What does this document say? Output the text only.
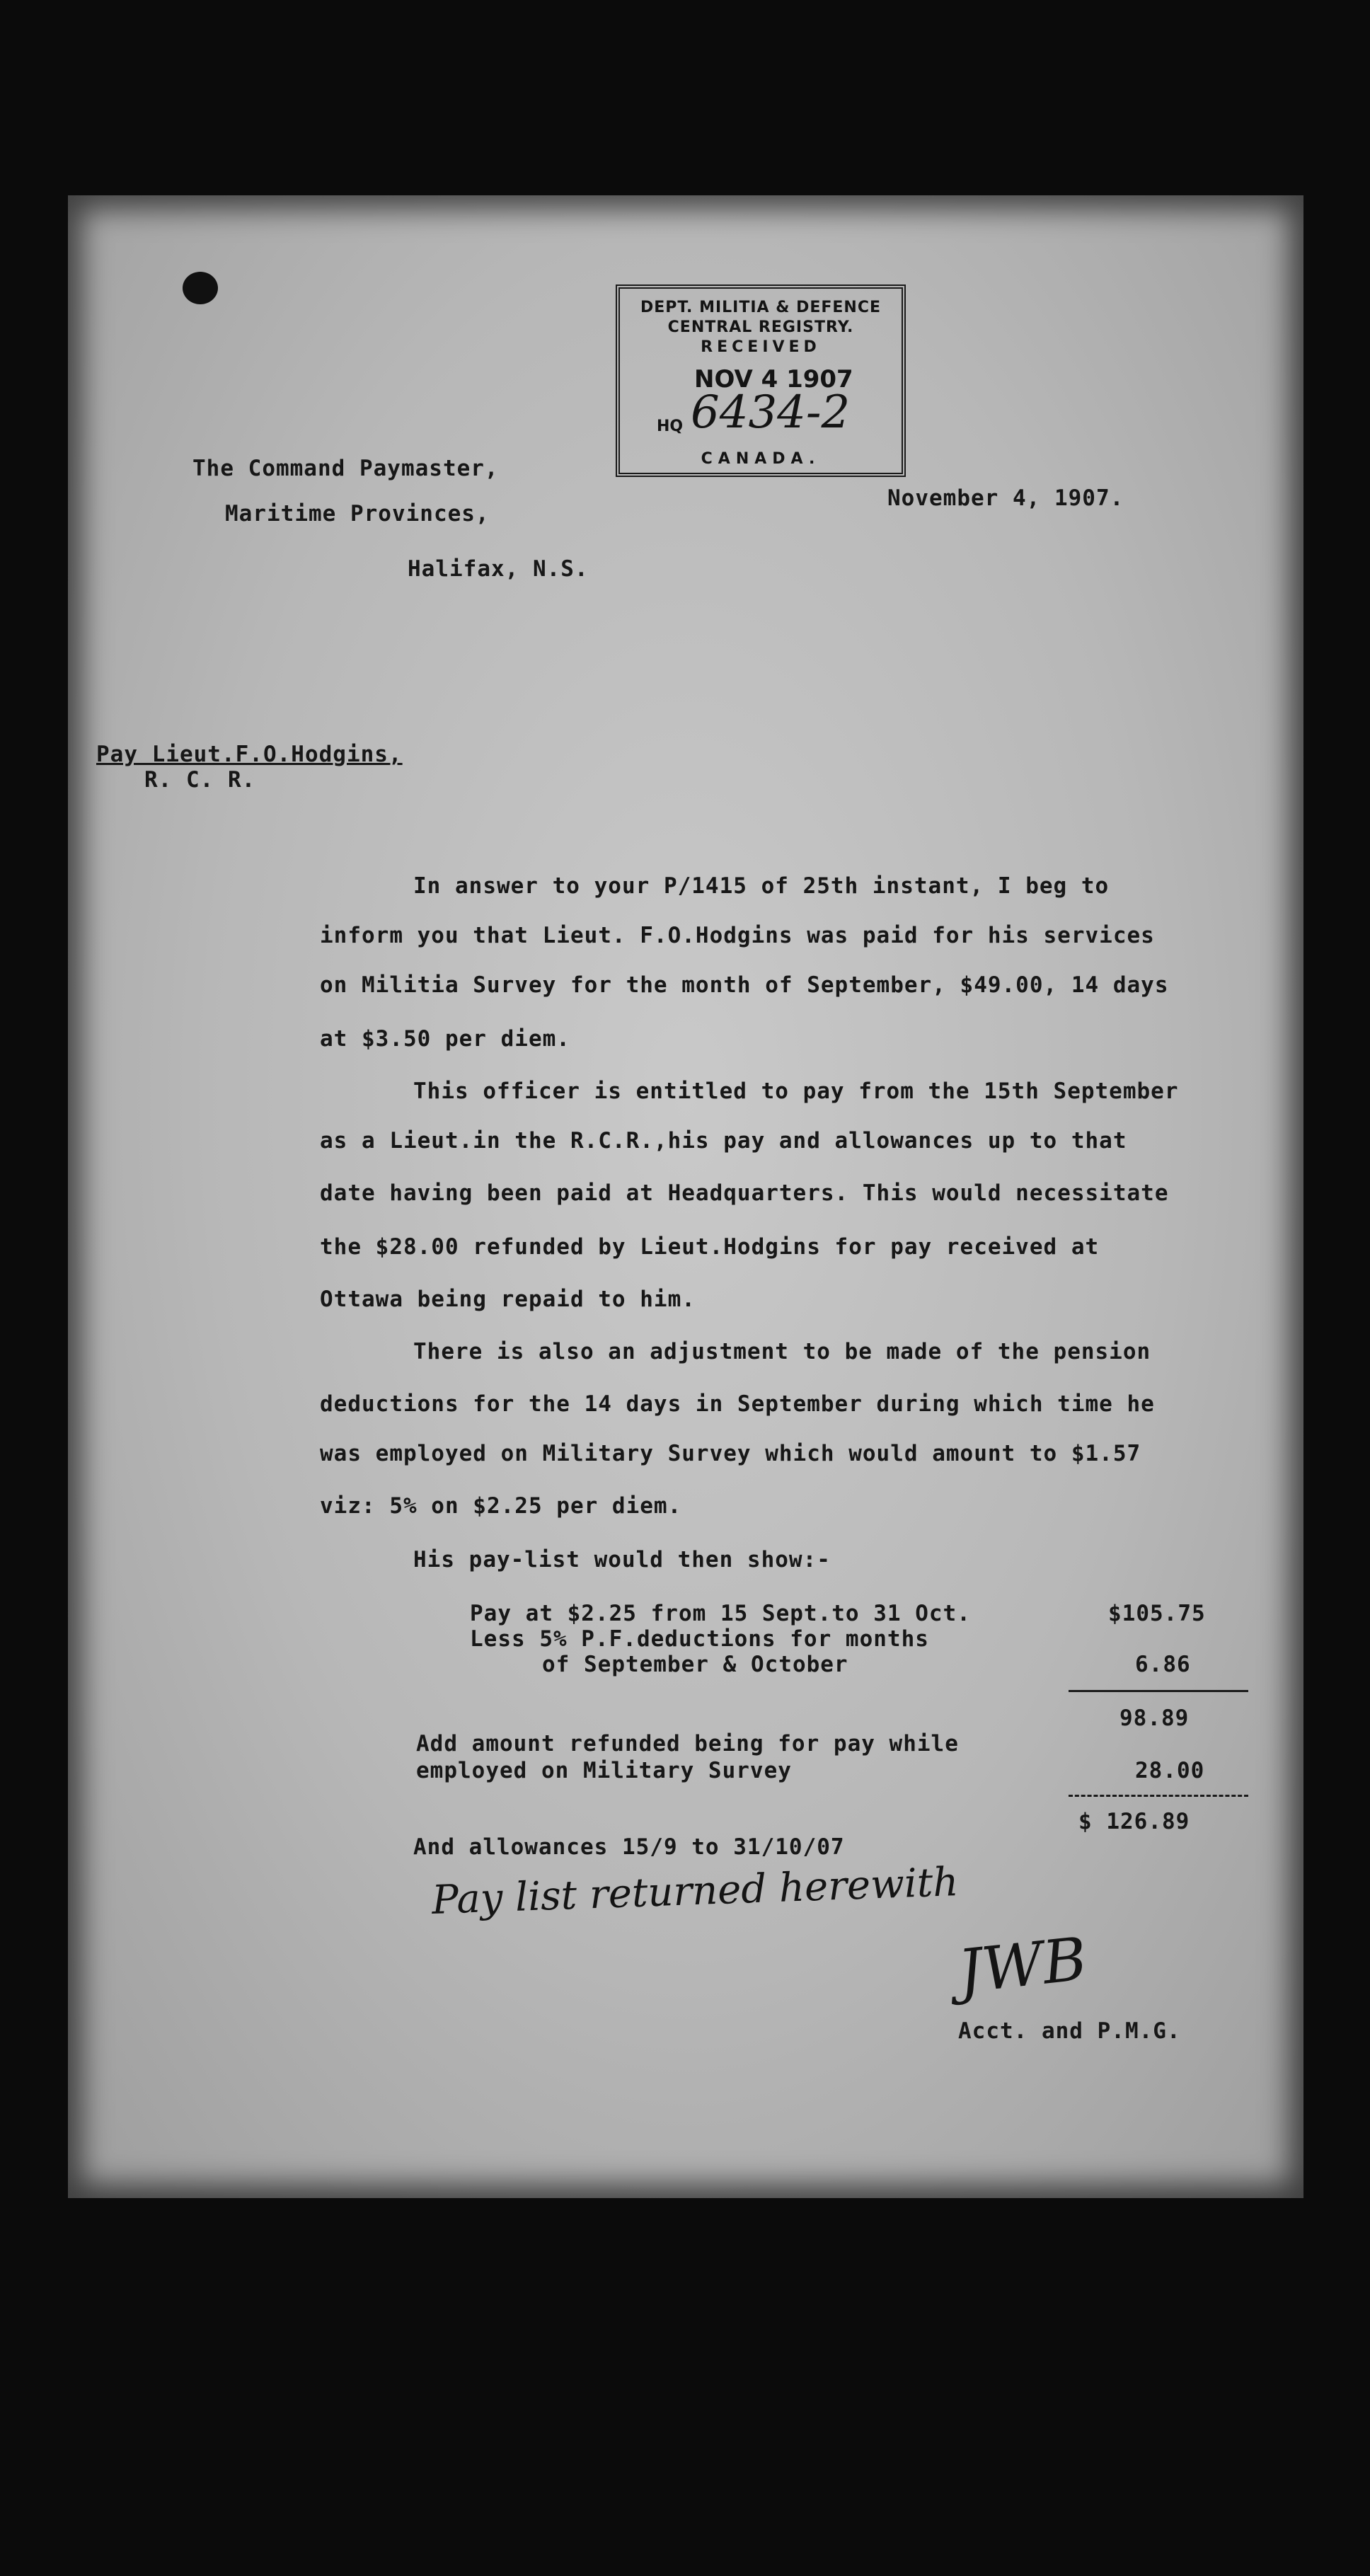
DEPT. MILITIA & DEFENCE
CENTRAL REGISTRY.
RECEIVED
NOV 4 1907
HQ 6434-2
CANADA.
The Command Paymaster,
Maritime Provinces,
Halifax, N.S.
November 4, 1907.
Pay Lieut.F.O.Hodgins,
R. C. R.
In answer to your P/1415 of 25th instant, I beg to
inform you that Lieut. F.O.Hodgins was paid for his services
on Militia Survey for the month of September, $49.00, 14 days
at $3.50 per diem.
This officer is entitled to pay from the 15th September
as a Lieut.in the R.C.R.,his pay and allowances up to that
date having been paid at Headquarters. This would necessitate
the $28.00 refunded by Lieut.Hodgins for pay received at
Ottawa being repaid to him.
There is also an adjustment to be made of the pension
deductions for the 14 days in September during which time he
was employed on Military Survey which would amount to $1.57
viz: 5% on $2.25 per diem.
His pay-list would then show:-
Pay at $2.25 from 15 Sept.to 31 Oct.	$105.75
Less 5% P.F.deductions for months
of September & October	6.86
98.89
Add amount refunded being for pay while
employed on Military Survey	28.00
$ 126.89
And allowances 15/9 to 31/10/07
Pay list returned herewith
JWB
Acct. and P.M.G.
